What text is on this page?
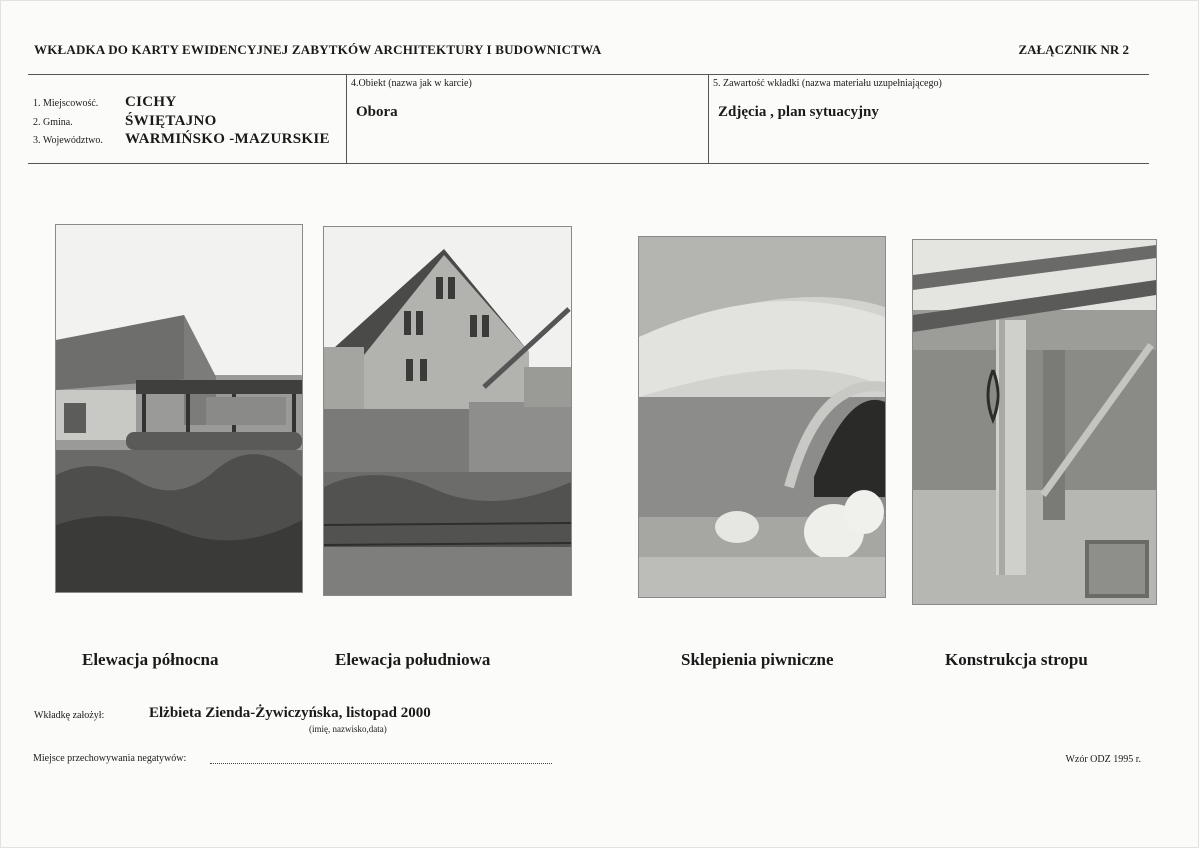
WKŁADKA DO KARTY EWIDENCYJNEJ ZABYTKÓW ARCHITEKTURY I BUDOWNICTWA	ZAŁĄCZNIK NR 2
1. Miejscowość.	CICHY
2. Gmina.	ŚWIĘTAJNO
3. Województwo.	WARMIŃSKO -MAZURSKIE
4.Obiekt (nazwa jak w karcie)
Obora
5. Zawartość wkładki (nazwa materiału uzupełniającego)
Zdjęcia , plan sytuacyjny
Elewacja północna	Elewacja południowa	Sklepienia piwniczne	Konstrukcja stropu
Wkładkę założył:	Elżbieta Zienda-Żywiczyńska, listopad 2000
(imię, nazwisko,data)
Miejsce przechowywania negatywów:	Wzór ODZ 1995 r.
